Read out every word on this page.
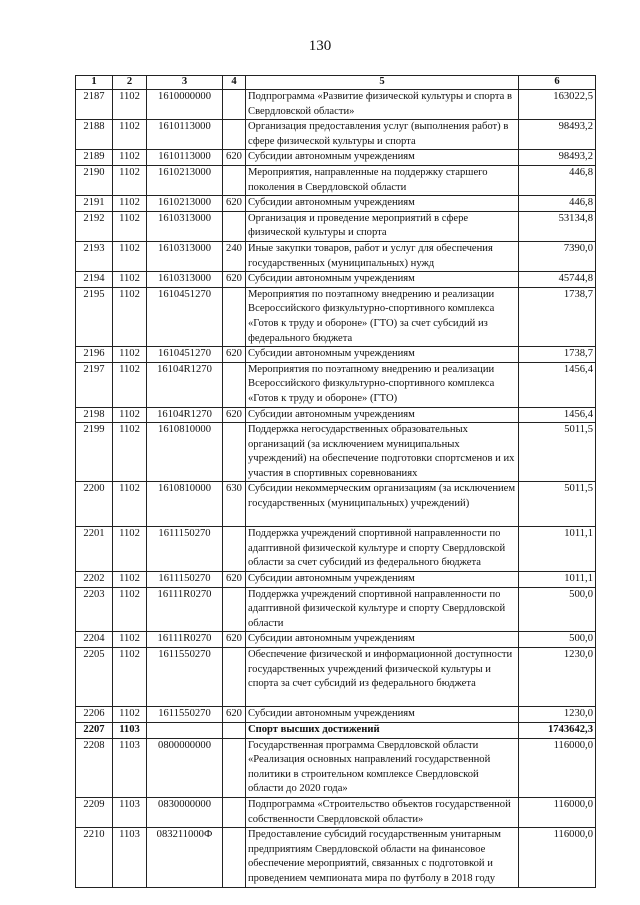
130
1	2	3	4	5	6
2187	1102	1610000000		Подпрограмма «Развитие физической культуры и спорта в Свердловской области»	163022,5
2188	1102	1610113000		Организация предоставления услуг (выполнения работ) в сфере физической культуры и спорта	98493,2
2189	1102	1610113000	620	Субсидии автономным учреждениям	98493,2
2190	1102	1610213000		Мероприятия, направленные на поддержку старшего поколения в Свердловской области	446,8
2191	1102	1610213000	620	Субсидии автономным учреждениям	446,8
2192	1102	1610313000		Организация и проведение мероприятий в сфере физической культуры и спорта	53134,8
2193	1102	1610313000	240	Иные закупки товаров, работ и услуг для обеспечения государственных (муниципальных) нужд	7390,0
2194	1102	1610313000	620	Субсидии автономным учреждениям	45744,8
2195	1102	1610451270		Мероприятия по поэтапному внедрению и реализации Всероссийского физкультурно-спортивного комплекса «Готов к труду и обороне» (ГТО) за счет субсидий из федерального бюджета	1738,7
2196	1102	1610451270	620	Субсидии автономным учреждениям	1738,7
2197	1102	16104R1270		Мероприятия по поэтапному внедрению и реализации Всероссийского физкультурно-спортивного комплекса «Готов к труду и обороне» (ГТО)	1456,4
2198	1102	16104R1270	620	Субсидии автономным учреждениям	1456,4
2199	1102	1610810000		Поддержка негосударственных образовательных организаций (за исключением муниципальных учреждений) на обеспечение подготовки спортсменов и их участия в спортивных соревнованиях	5011,5
2200	1102	1610810000	630	Субсидии некоммерческим организациям (за исключением государственных (муниципальных) учреждений)	5011,5
2201	1102	1611150270		Поддержка учреждений спортивной направленности по адаптивной физической культуре и спорту Свердловской области за счет субсидий из федерального бюджета	1011,1
2202	1102	1611150270	620	Субсидии автономным учреждениям	1011,1
2203	1102	16111R0270		Поддержка учреждений спортивной направленности по адаптивной физической культуре и спорту Свердловской области	500,0
2204	1102	16111R0270	620	Субсидии автономным учреждениям	500,0
2205	1102	1611550270		Обеспечение физической и информационной доступности государственных учреждений физической культуры и спорта за счет субсидий из федерального бюджета	1230,0
2206	1102	1611550270	620	Субсидии автономным учреждениям	1230,0
2207	1103			Спорт высших достижений	1743642,3
2208	1103	0800000000		Государственная программа Свердловской области «Реализация основных направлений государственной политики в строительном комплексе Свердловской области до 2020 года»	116000,0
2209	1103	0830000000		Подпрограмма «Строительство объектов государственной собственности Свердловской области»	116000,0
2210	1103	083211000Ф		Предоставление субсидий государственным унитарным предприятиям Свердловской области на финансовое обеспечение мероприятий, связанных с подготовкой и проведением чемпионата мира по футболу в 2018 году	116000,0
